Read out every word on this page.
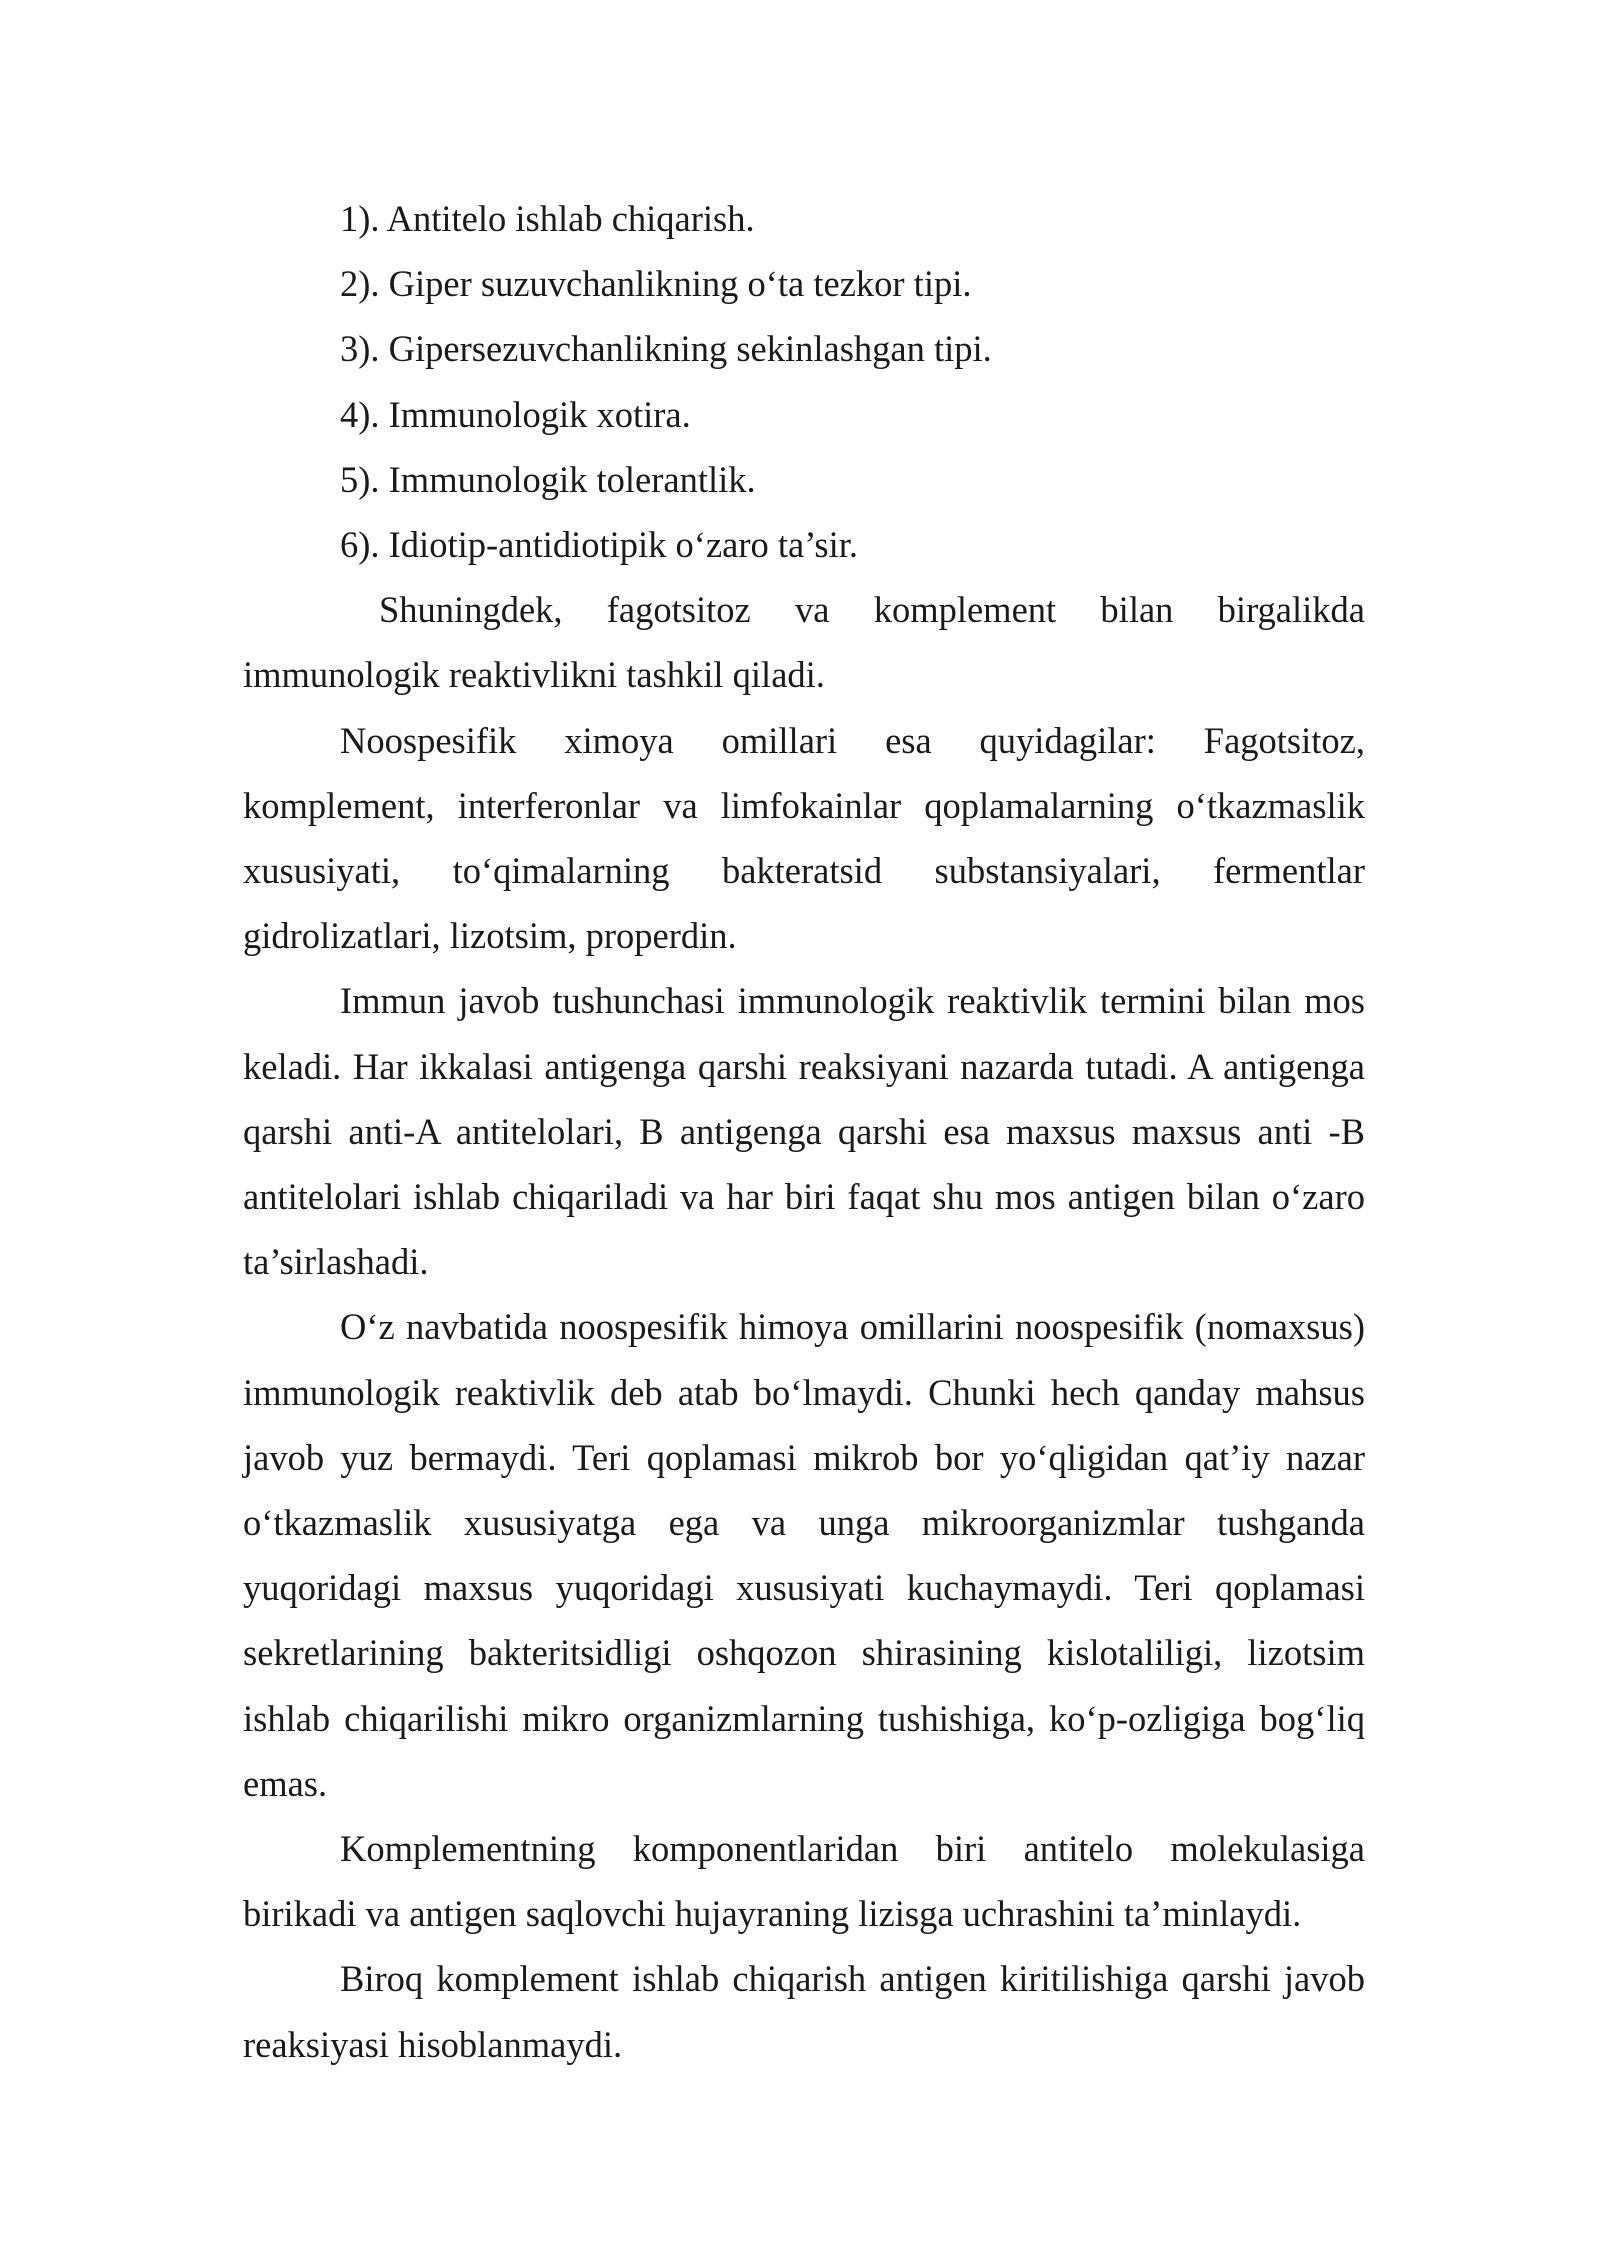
1). Antitelo ishlab chiqarish.

2). Giper suzuvchanlikning o‘ta tezkor tipi.

3). Gipersezuvchanlikning sekinlashgan tipi.

4). Immunologik xotira.

5). Immunologik tolerantlik.

6). Idiotip-antidiotipik o‘zaro ta’sir.

Shuningdek, fagotsitoz va komplement bilan birgalikda immunologik reaktivlikni tashkil qiladi.

Noospesifik ximoya omillari esa quyidagilar: Fagotsitoz, komplement, interferonlar va limfokainlar qoplamalarning o‘tkazmaslik xususiyati, to‘qimalarning bakteratsid substansiyalari, fermentlar gidrolizatlari, lizotsim, properdin.

Immun javob tushunchasi immunologik reaktivlik termini bilan mos keladi. Har ikkalasi antigenga qarshi reaksiyani nazarda tutadi. A antigenga qarshi anti-A antitelolari, B antigenga qarshi esa maxsus maxsus anti -B antitelolari ishlab chiqariladi va har biri faqat shu mos antigen bilan o‘zaro ta’sirlashadi.

O‘z navbatida noospesifik himoya omillarini noospesifik (nomaxsus) immunologik reaktivlik deb atab bo‘lmaydi. Chunki hech qanday mahsus javob yuz bermaydi. Teri qoplamasi mikrob bor yo‘qligidan qat’iy nazar o‘tkazmaslik xususiyatga ega va unga mikroorganizmlar tushganda yuqoridagi maxsus yuqoridagi xususiyati kuchaymaydi. Teri qoplamasi sekretlarining bakteritsidligi oshqozon shirasining kislotaliligi, lizotsim ishlab chiqarilishi mikro organizmlarning tushishiga, ko‘p-ozligiga bog‘liq emas.

Komplementning komponentlaridan biri antitelo molekulasiga birikadi va antigen saqlovchi hujayraning lizisga uchrashini ta’minlaydi.

Biroq komplement ishlab chiqarish antigen kiritilishiga qarshi javob reaksiyasi hisoblanmaydi.
